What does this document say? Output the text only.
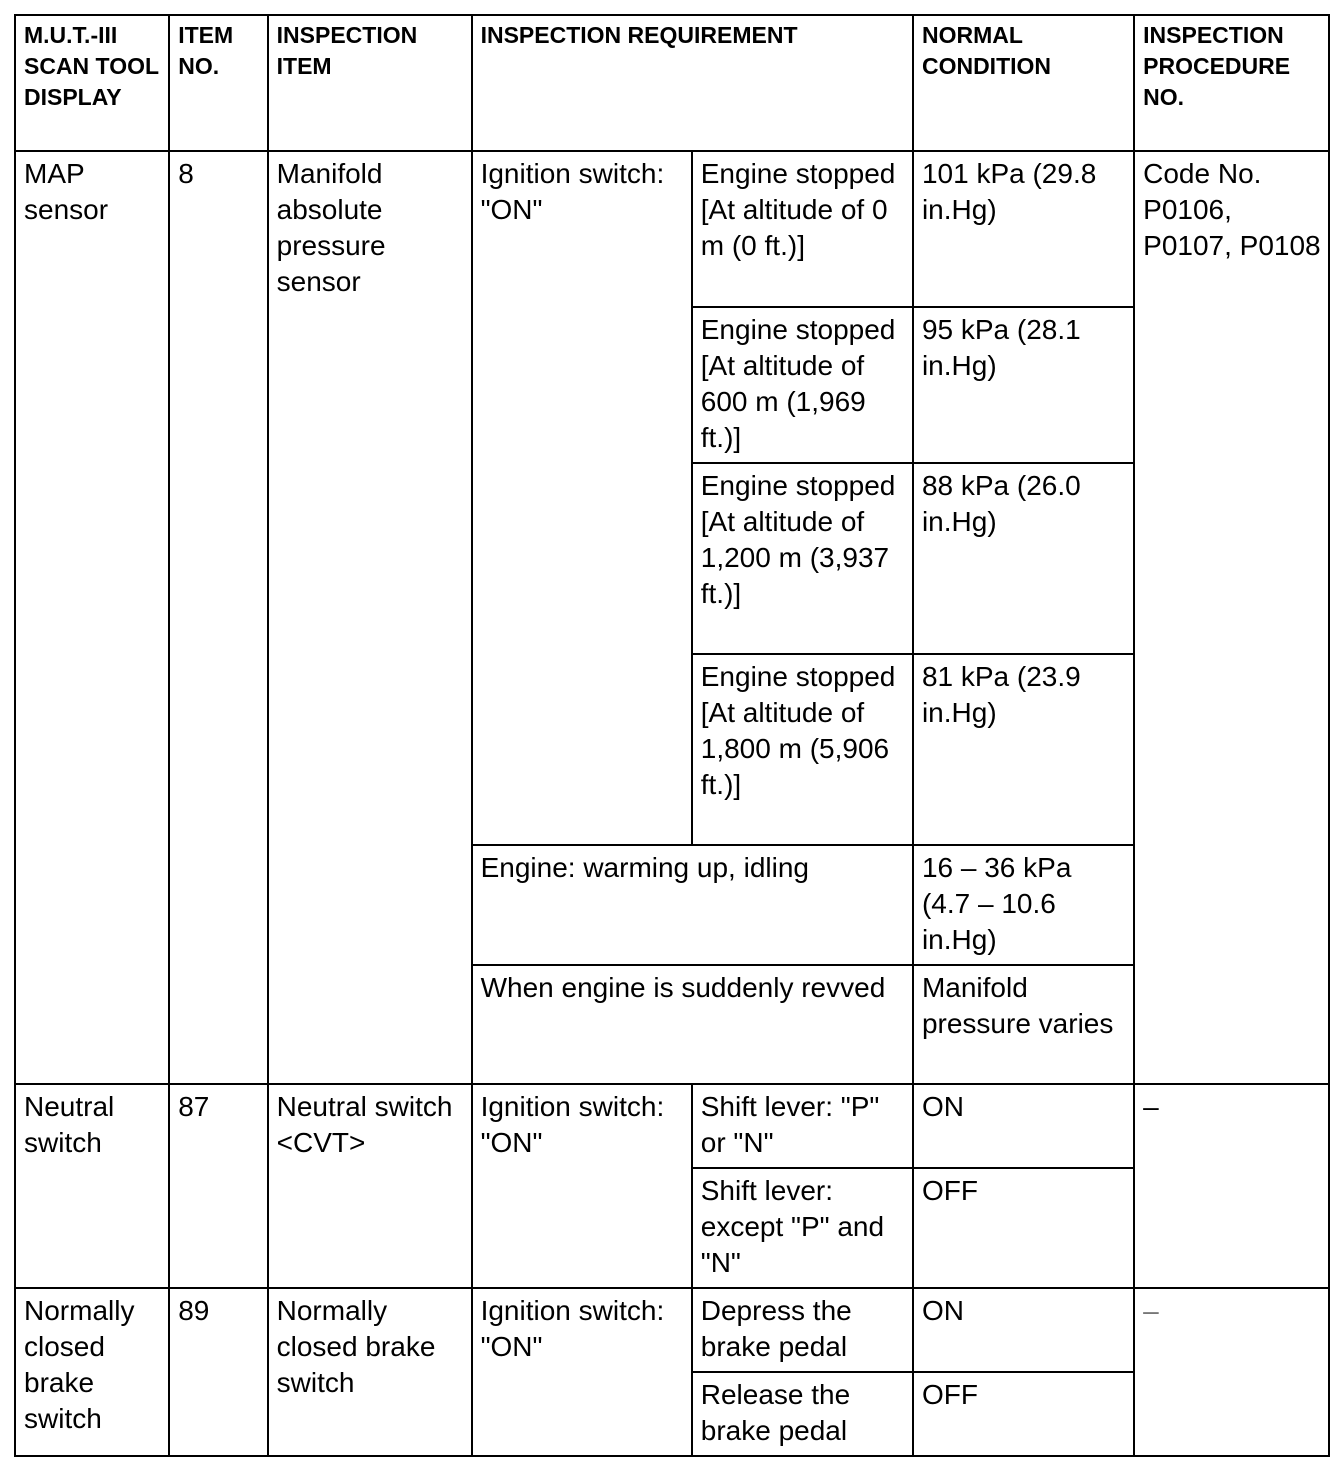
M.U.T.-III SCAN TOOL DISPLAY	ITEM NO.	INSPECTION ITEM	INSPECTION REQUIREMENT		NORMAL CONDITION	INSPECTION PROCEDURE NO.
MAP sensor	8	Manifold absolute pressure sensor	Ignition switch: "ON"	Engine stopped [At altitude of 0 m (0 ft.)]	101 kPa (29.8 in.Hg)	Code No. P0106, P0107, P0108
				Engine stopped [At altitude of 600 m (1,969 ft.)]	95 kPa (28.1 in.Hg)	
				Engine stopped [At altitude of 1,200 m (3,937 ft.)]	88 kPa (26.0 in.Hg)	
				Engine stopped [At altitude of 1,800 m (5,906 ft.)]	81 kPa (23.9 in.Hg)	
			Engine: warming up, idling		16 – 36 kPa (4.7 – 10.6 in.Hg)	
			When engine is suddenly revved		Manifold pressure varies	
Neutral switch	87	Neutral switch <CVT>	Ignition switch: "ON"	Shift lever: "P" or "N"	ON	–
				Shift lever: except "P" and "N"	OFF	
Normally closed brake switch	89	Normally closed brake switch	Ignition switch: "ON"	Depress the brake pedal	ON	–
				Release the brake pedal	OFF	
